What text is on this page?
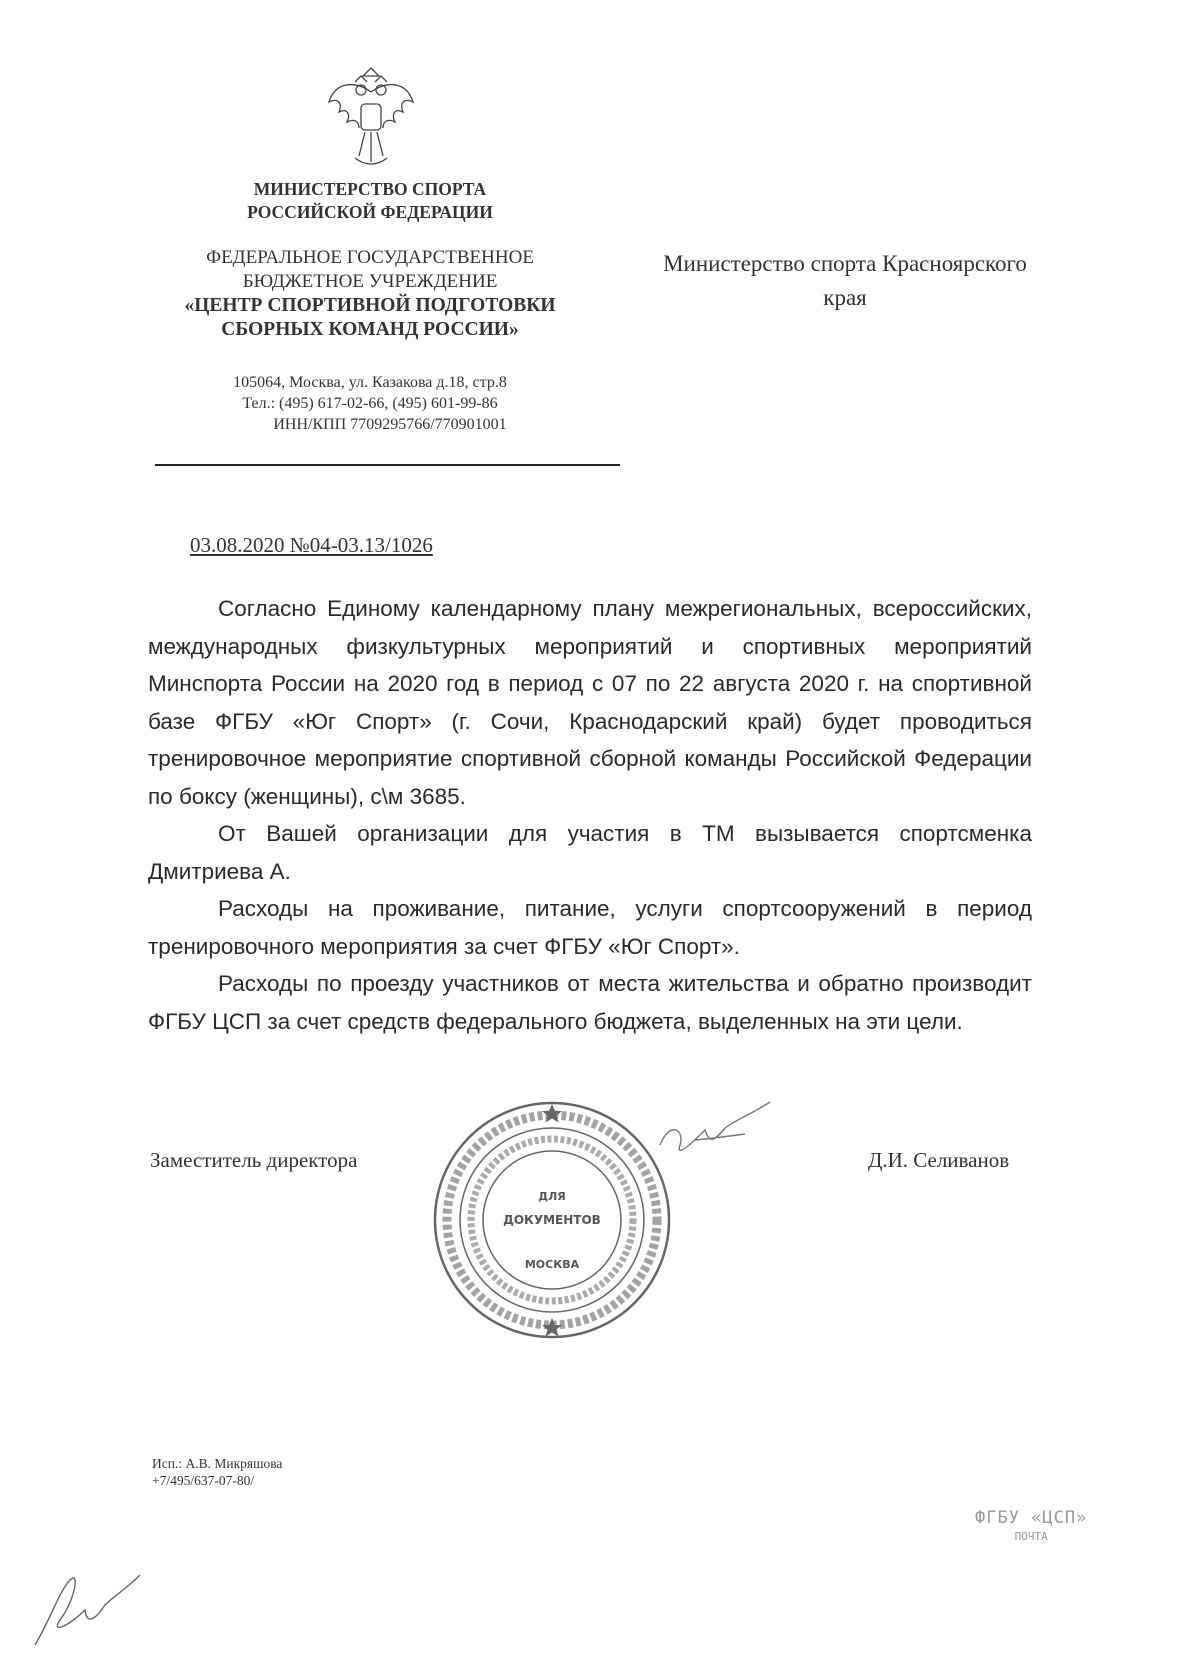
МИНИСТЕРСТВО СПОРТА
РОССИЙСКОЙ ФЕДЕРАЦИИ
ФЕДЕРАЛЬНОЕ ГОСУДАРСТВЕННОЕ
БЮДЖЕТНОЕ УЧРЕЖДЕНИЕ
«ЦЕНТР СПОРТИВНОЙ ПОДГОТОВКИ
СБОРНЫХ КОМАНД РОССИИ»
105064, Москва, ул. Казакова д.18, стр.8
Тел.: (495) 617-02-66, (495) 601-99-86
ИНН/КПП 7709295766/770901001
Министерство спорта Красноярского
края
03.08.2020 №04-03.13/1026

Согласно Единому календарному плану межрегиональных, всероссийских, международных физкультурных мероприятий и спортивных мероприятий Минспорта России на 2020 год в период с 07 по 22 августа 2020 г. на спортивной базе ФГБУ «Юг Спорт» (г. Сочи, Краснодарский край) будет проводиться тренировочное мероприятие спортивной сборной команды Российской Федерации по боксу (женщины), с\м 3685.

От Вашей организации для участия в ТМ вызывается спортсменка Дмитриева А.

Расходы на проживание, питание, услуги спортсооружений в период тренировочного мероприятия за счет ФГБУ «Юг Спорт».

Расходы по проезду участников от места жительства и обратно производит ФГБУ ЦСП за счет средств федерального бюджета, выделенных на эти цели.

Заместитель директора
ДЛЯ
ДОКУМЕНТОВ
МОСКВА
Д.И. Селиванов
Исп.: А.В. Микряшова
+7/495/637-07-80/
ФГБУ «ЦСП»
ПОЧТА
